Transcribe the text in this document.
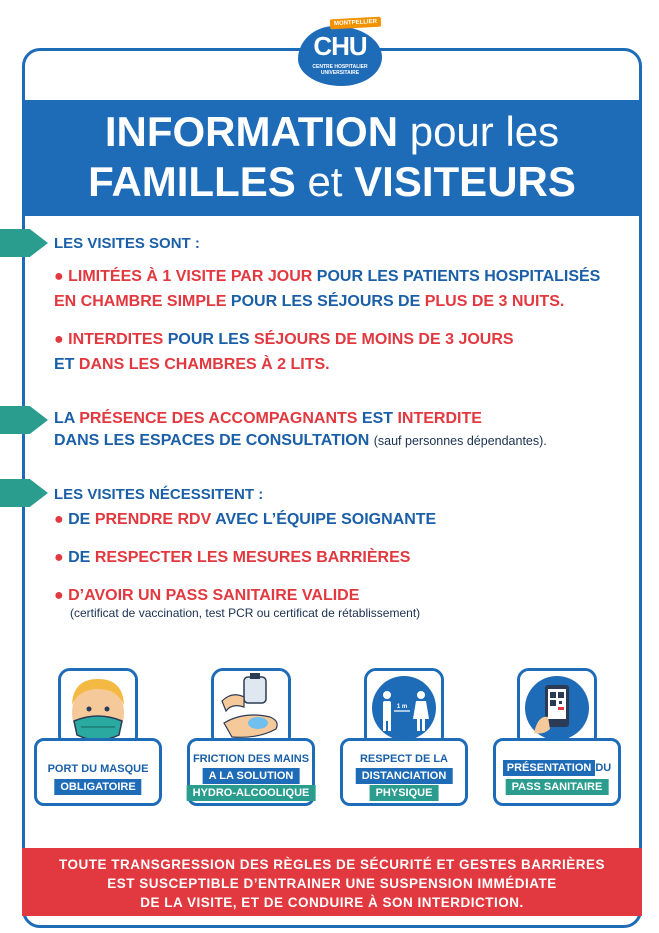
CHU
CENTRE HOSPITALIER
UNIVERSITAIRE
MONTPELLIER
INFORMATION pour les
FAMILLES et VISITEURS
LES VISITES SONT :
● LIMITÉES À 1 VISITE PAR JOUR POUR LES PATIENTS HOSPITALISÉS
EN CHAMBRE SIMPLE POUR LES SÉJOURS DE PLUS DE 3 NUITS.
● INTERDITES POUR LES SÉJOURS DE MOINS DE 3 JOURS
ET DANS LES CHAMBRES À 2 LITS.
LA PRÉSENCE DES ACCOMPAGNANTS EST INTERDITE
DANS LES ESPACES DE CONSULTATION (sauf personnes dépendantes).
LES VISITES NÉCESSITENT :
● DE PRENDRE RDV AVEC L’ÉQUIPE SOIGNANTE
● DE RESPECTER LES MESURES BARRIÈRES
● D’AVOIR UN PASS SANITAIRE VALIDE
(certificat de vaccination, test PCR ou certificat de rétablissement)
PORT DU MASQUE
OBLIGATOIRE
FRICTION DES MAINS
A LA SOLUTION
HYDRO-ALCOOLIQUE
1 m
RESPECT DE LA
DISTANCIATION
PHYSIQUE
PRÉSENTATION DU
PASS SANITAIRE
TOUTE TRANSGRESSION DES RÈGLES DE SÉCURITÉ ET GESTES BARRIÈRES
EST SUSCEPTIBLE D’ENTRAINER UNE SUSPENSION IMMÉDIATE
DE LA VISITE, ET DE CONDUIRE À SON INTERDICTION.
